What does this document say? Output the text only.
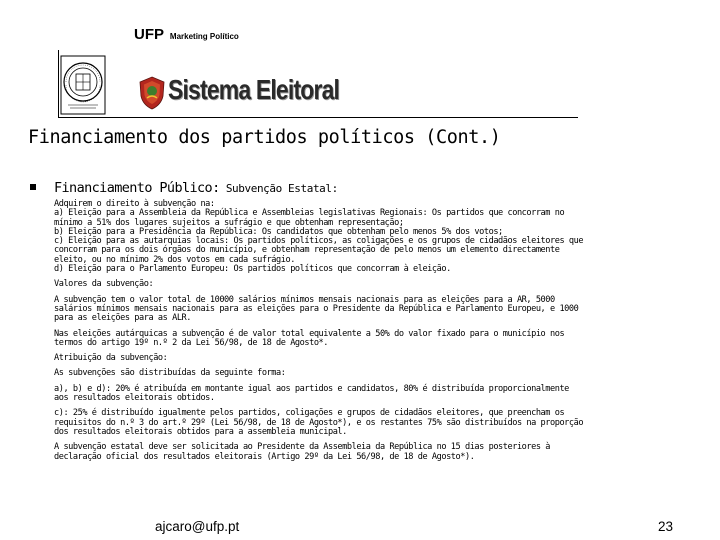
UFP Marketing Político
Sistema Eleitoral
Financiamento dos partidos políticos (Cont.)
Financiamento Público: Subvenção Estatal:

Adquirem o direito à subvenção na:
a) Eleição para a Assembleia da República e Assembleias legislativas Regionais: Os partidos que concorram no
mínimo a 51% dos lugares sujeitos a sufrágio e que obtenham representação;
b) Eleição para a Presidência da República: Os candidatos que obtenham pelo menos 5% dos votos;
c) Eleição para as autarquias locais: Os partidos políticos, as coligações e os grupos de cidadãos eleitores que
concorram para os dois órgãos do município, e obtenham representação de pelo menos um elemento directamente
eleito, ou no mínimo 2% dos votos em cada sufrágio.
d) Eleição para o Parlamento Europeu: Os partidos políticos que concorram à eleição.

Valores da subvenção:

A subvenção tem o valor total de 10000 salários mínimos mensais nacionais para as eleições para a AR, 5000
salários mínimos mensais nacionais para as eleições para o Presidente da República e Parlamento Europeu, e 1000
para as eleições para as ALR.

Nas eleições autárquicas a subvenção é de valor total equivalente a 50% do valor fixado para o município nos
termos do artigo 19º n.º 2 da Lei 56/98, de 18 de Agosto*.

Atribuição da subvenção:

As subvenções são distribuídas da seguinte forma:

a), b) e d): 20% é atribuída em montante igual aos partidos e candidatos, 80% é distribuída proporcionalmente
aos resultados eleitorais obtidos.

c): 25% é distribuído igualmente pelos partidos, coligações e grupos de cidadãos eleitores, que preencham os
requisitos do n.º 3 do art.º 29º (Lei 56/98, de 18 de Agosto*), e os restantes 75% são distribuídos na proporção
dos resultados eleitorais obtidos para a assembleia municipal.

A subvenção estatal deve ser solicitada ao Presidente da Assembleia da República no 15 dias posteriores à
declaração oficial dos resultados eleitorais (Artigo 29º da Lei 56/98, de 18 de Agosto*).

ajcaro@ufp.pt	23
